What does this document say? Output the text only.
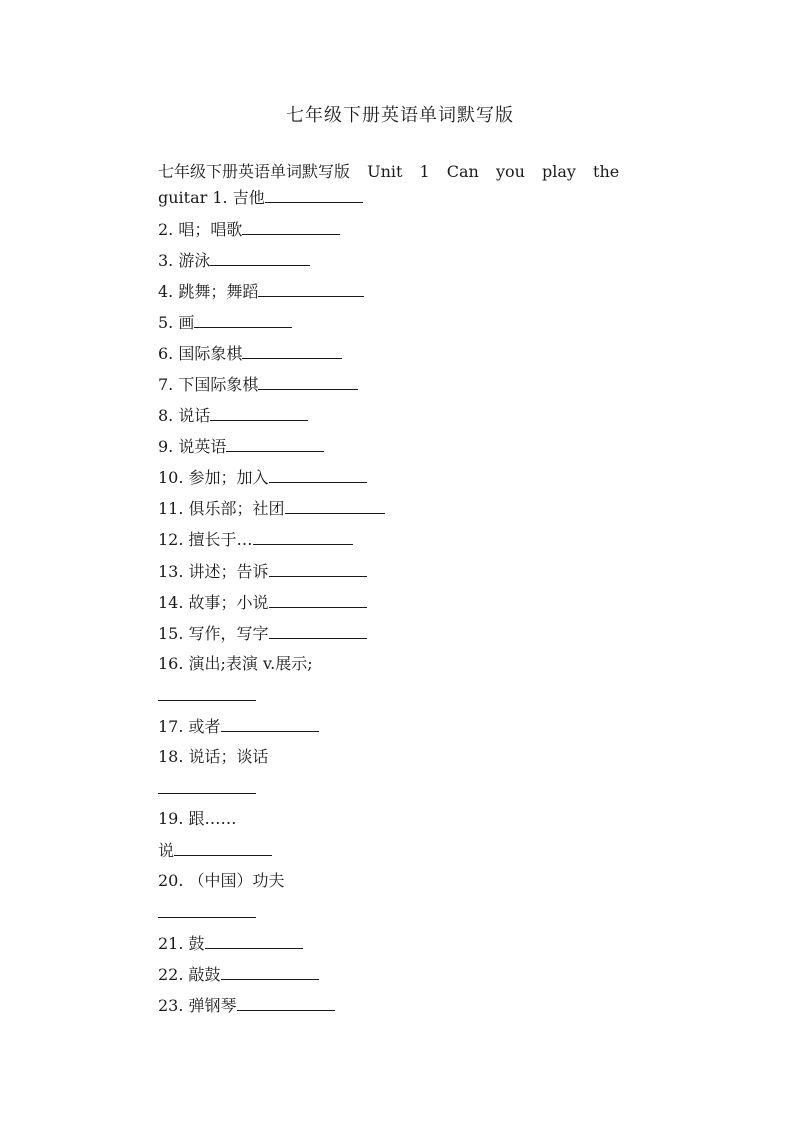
七年级下册英语单词默写版
七年级下册英语单词默写版 Unit 1 Can you play the
guitar 1. 吉他
2. 唱；唱歌
3. 游泳
4. 跳舞；舞蹈
5. 画
6. 国际象棋
7. 下国际象棋
8. 说话
9. 说英语
10. 参加；加入
11. 俱乐部；社团
12. 擅长于…
13. 讲述；告诉
14. 故事；小说
15. 写作，写字
16. 演出;表演 v.展示;
17. 或者
18. 说话；谈话
19. 跟……
说
20. （中国）功夫
21. 鼓
22. 敲鼓
23. 弹钢琴
